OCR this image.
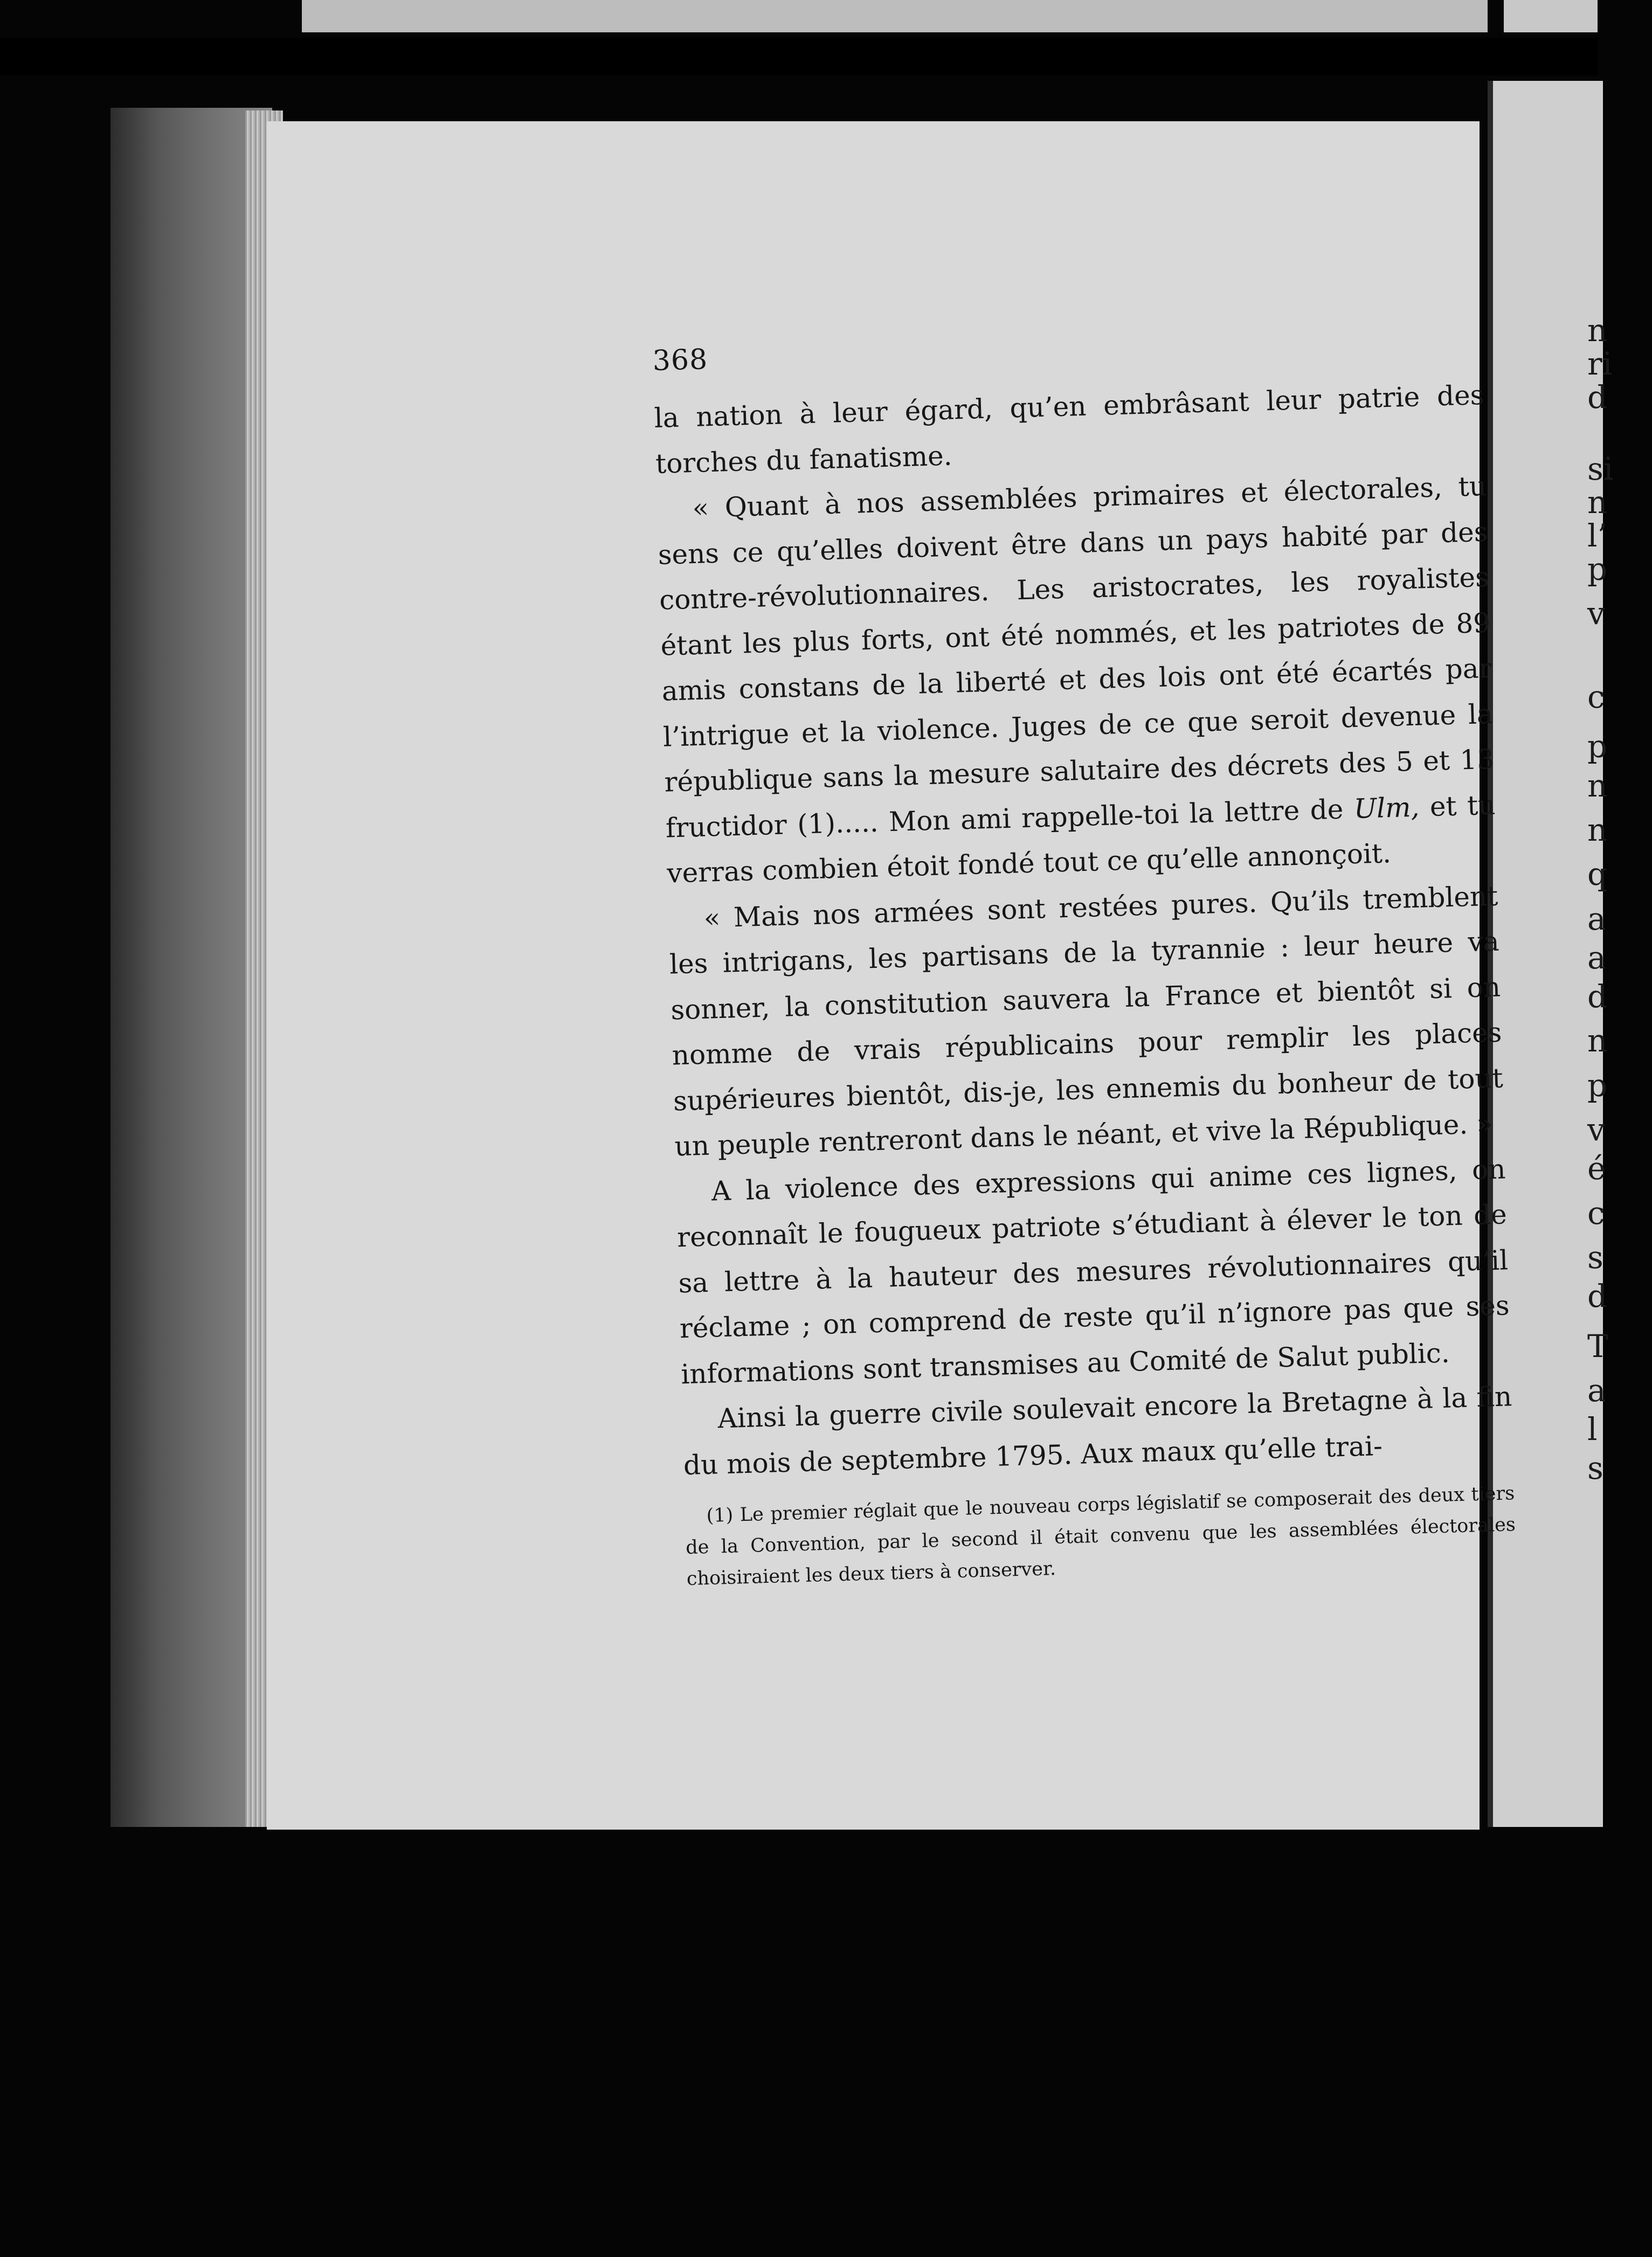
n
ri
d
si
n
l’
p
v
c
p
n
n
q
a
a
d
n
p
v
é
c
s
d
T
a
l
s
368

la nation à leur égard, qu’en embrâsant leur patrie des torches du fanatisme.

« Quant à nos assemblées primaires et électorales, tu sens ce qu’elles doivent être dans un pays habité par des contre-révolutionnaires. Les aristocrates, les royalistes étant les plus forts, ont été nommés, et les patriotes de 89 amis constans de la liberté et des lois ont été écartés par l’intrigue et la violence. Juges de ce que seroit devenue la république sans la mesure salutaire des décrets des 5 et 13 fructidor (1)..... Mon ami rappelle-toi la lettre de Ulm, et tu verras combien étoit fondé tout ce qu’elle annonçoit.

« Mais nos armées sont restées pures. Qu’ils tremblent les intrigans, les partisans de la tyrannie : leur heure va sonner, la constitution sauvera la France et bientôt si on nomme de vrais républicains pour remplir les places supérieures bientôt, dis-je, les ennemis du bonheur de tout un peuple rentreront dans le néant, et vive la République. »

A la violence des expressions qui anime ces lignes, on reconnaît le fougueux patriote s’étudiant à élever le ton de sa lettre à la hauteur des mesures révolutionnaires qu’il réclame ; on comprend de reste qu’il n’ignore pas que ses informations sont transmises au Comité de Salut public.

Ainsi la guerre civile soulevait encore la Bretagne à la fin du mois de septembre 1795. Aux maux qu’elle trai-

(1) Le premier réglait que le nouveau corps législatif se composerait des deux tiers de la Convention, par le second il était convenu que les assemblées électorales choisiraient les deux tiers à conserver.
